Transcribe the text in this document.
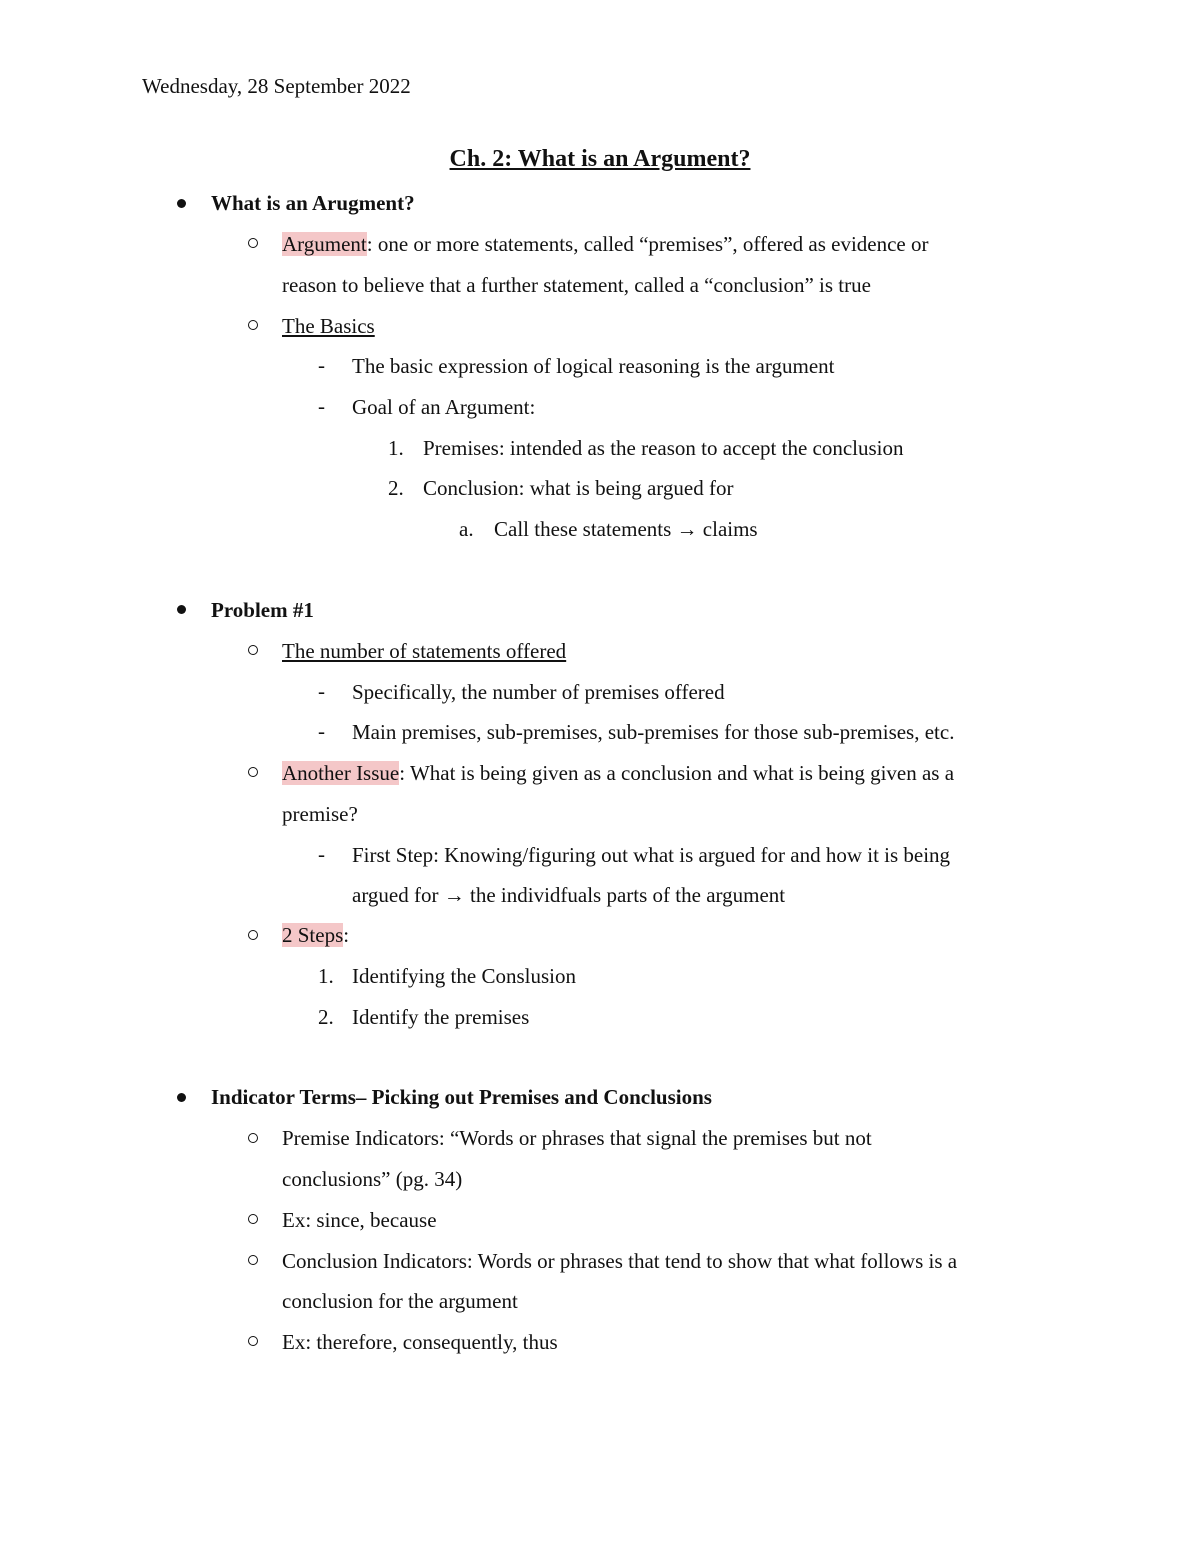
Wednesday, 28 September 2022
Ch. 2: What is an Argument?
What is an Arugment?
Argument: one or more statements, called “premises”, offered as evidence or
reason to believe that a further statement, called a “conclusion” is true
The Basics
- The basic expression of logical reasoning is the argument
- Goal of an Argument:
1. Premises: intended as the reason to accept the conclusion
2. Conclusion: what is being argued for
a. Call these statements → claims
Problem #1
The number of statements offered
- Specifically, the number of premises offered
- Main premises, sub-premises, sub-premises for those sub-premises, etc.
Another Issue: What is being given as a conclusion and what is being given as a
premise?
- First Step: Knowing/figuring out what is argued for and how it is being
argued for → the individfuals parts of the argument
2 Steps:
1. Identifying the Conslusion
2. Identify the premises
Indicator Terms– Picking out Premises and Conclusions
Premise Indicators: “Words or phrases that signal the premises but not
conclusions” (pg. 34)
Ex: since, because
Conclusion Indicators: Words or phrases that tend to show that what follows is a
conclusion for the argument
Ex: therefore, consequently, thus
